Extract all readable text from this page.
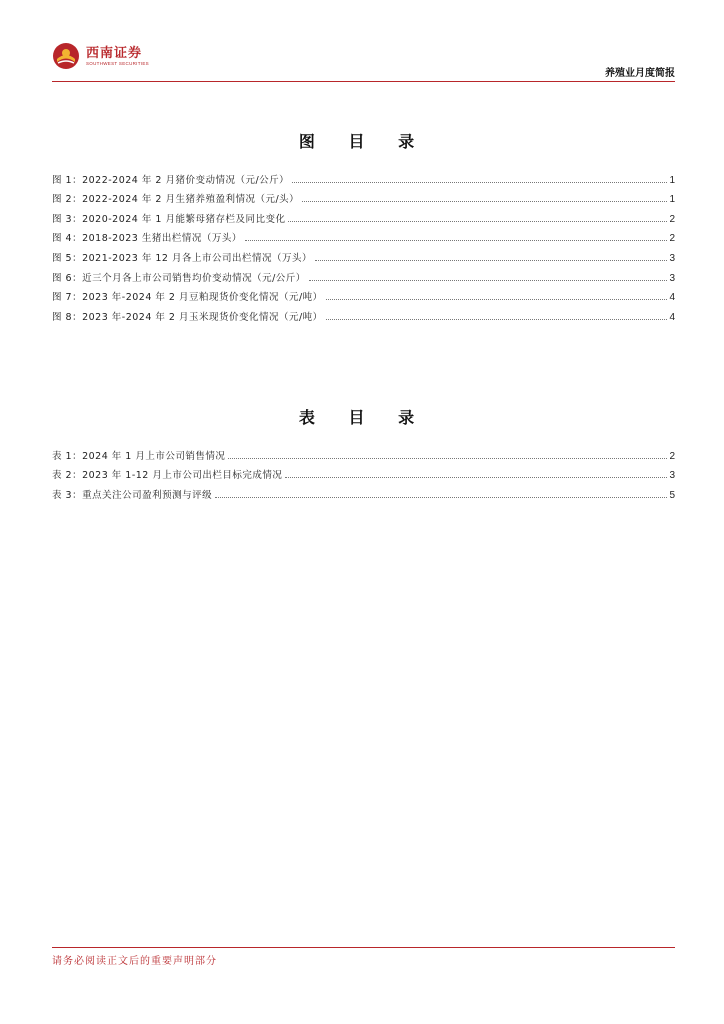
西南证券
SOUTHWEST SECURITIES
养殖业月度简报
图 目 录
图 1：2022-2024 年 2 月猪价变动情况（元/公斤）	1
图 2：2022-2024 年 2 月生猪养殖盈利情况（元/头）	1
图 3：2020-2024 年 1 月能繁母猪存栏及同比变化	2
图 4：2018-2023 生猪出栏情况（万头）	2
图 5：2021-2023 年 12 月各上市公司出栏情况（万头）	3
图 6：近三个月各上市公司销售均价变动情况（元/公斤）	3
图 7：2023 年-2024 年 2 月豆粕现货价变化情况（元/吨）	4
图 8：2023 年-2024 年 2 月玉米现货价变化情况（元/吨）	4
表 目 录
表 1：2024 年 1 月上市公司销售情况	2
表 2：2023 年 1-12 月上市公司出栏目标完成情况	3
表 3：重点关注公司盈利预测与评级	5
请务必阅读正文后的重要声明部分
